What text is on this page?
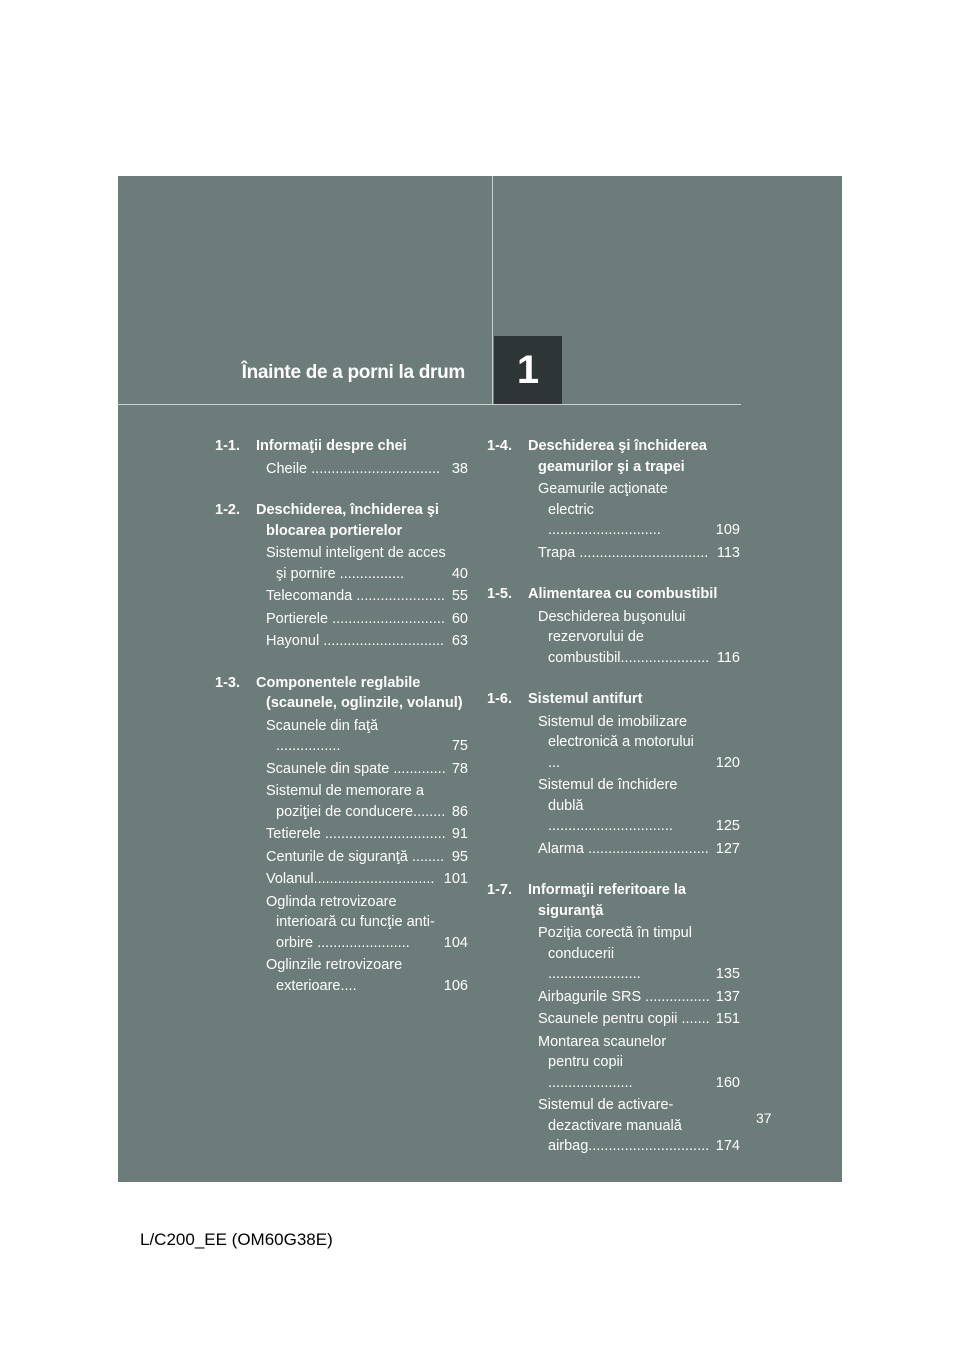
Înainte de a porni la drum	1
1-1.	Informaţii despre chei
Cheile ................................ 38
1-2.	Deschiderea, închiderea şi blocarea portierelor
Sistemul inteligent de acces şi pornire ................	40
Telecomanda ...................... 55
Portierele ............................ 60
Hayonul .............................. 63
1-3.	Componentele reglabile (scaunele, oglinzile, volanul)
Scaunele din faţă ................	75
Scaunele din spate ............. 78
Sistemul de memorare a poziţiei de conducere........ 86
Tetierele .............................. 91
Centurile de siguranţă ........ 95
Volanul.............................. 101
Oglinda retrovizoare interioară cu funcţie anti-orbire .......................	104
Oglinzile retrovizoare exterioare....	106
1-4.	Deschiderea şi închiderea geamurilor şi a trapei
Geamurile acţionate electric ............................	109
Trapa ................................ 113
1-5.	Alimentarea cu combustibil
Deschiderea buşonului rezervorului de combustibil...................... 116
1-6.	Sistemul antifurt
Sistemul de imobilizare electronică a motorului ...	120
Sistemul de închidere dublă ...............................	125
Alarma .............................. 127
1-7.	Informaţii referitoare la siguranţă
Poziţia corectă în timpul conducerii .......................	135
Airbagurile SRS ................ 137
Scaunele pentru copii ....... 151
Montarea scaunelor pentru copii .....................	160
Sistemul de activare-dezactivare manuală airbag.............................. 174
37
L/C200_EE (OM60G38E)
